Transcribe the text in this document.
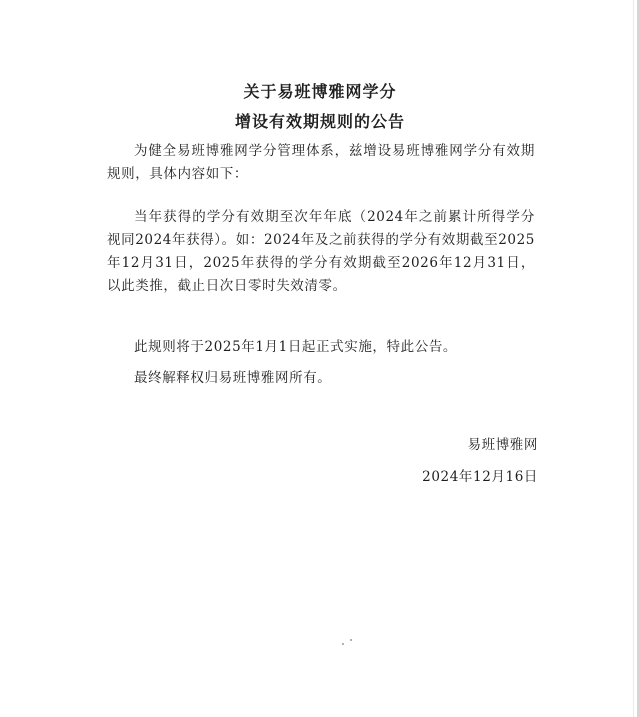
关于易班博雅网学分
增设有效期规则的公告
为健全易班博雅网学分管理体系，兹增设易班博雅网学分有效期规则，具体内容如下：
当年获得的学分有效期至次年年底（2024年之前累计所得学分视同2024年获得）。如：2024年及之前获得的学分有效期截至2025年12月31日，2025年获得的学分有效期截至2026年12月31日，以此类推，截止日次日零时失效清零。
此规则将于2025年1月1日起正式实施，特此公告。
最终解释权归易班博雅网所有。
易班博雅网
2024年12月16日
